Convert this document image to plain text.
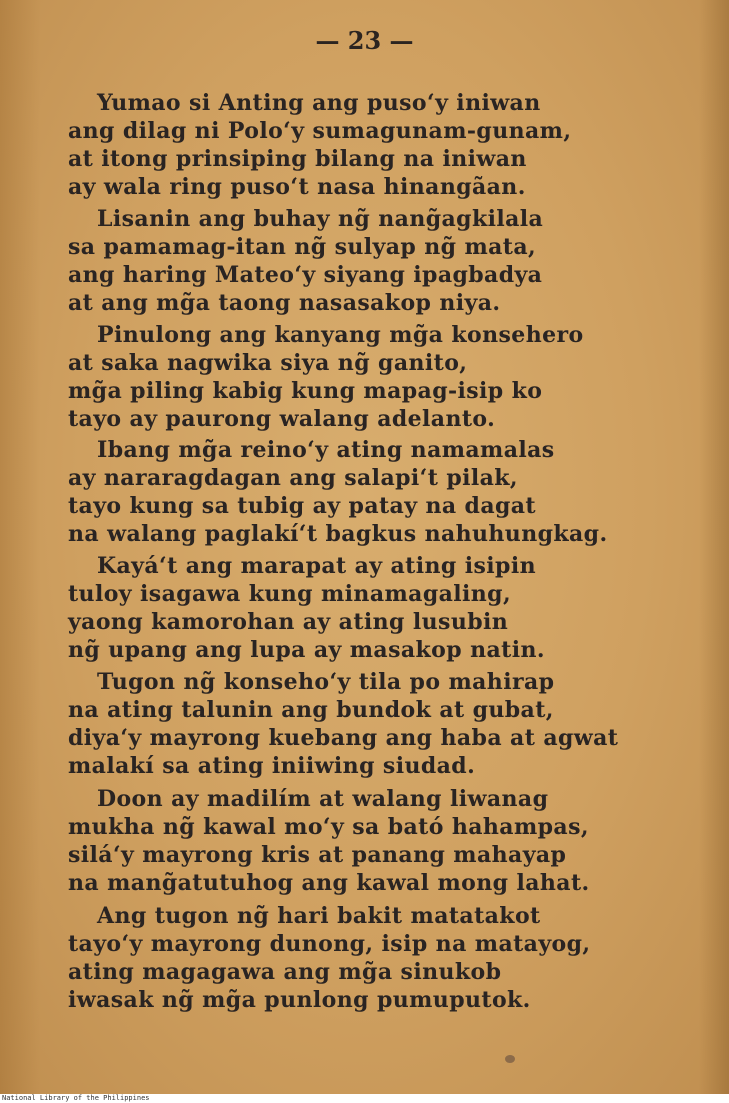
— 23 —
Yumao si Anting ang puso‘y iniwan
ang dilag ni Polo‘y sumagunam-gunam,
at itong prinsiping bilang na iniwan
ay wala ring puso‘t nasa hinangãan.
Lisanin ang buhay ng̃ nang̃agkilala
sa pamamag-itan ng̃ sulyap ng̃ mata,
ang haring Mateo‘y siyang ipagbadya
at ang mg̃a taong nasasakop niya.
Pinulong ang kanyang mg̃a konsehero
at saka nagwika siya ng̃ ganito,
mg̃a piling kabig kung mapag-isip ko
tayo ay paurong walang adelanto.
Ibang mg̃a reino‘y ating namamalas
ay nararagdagan ang salapi‘t pilak,
tayo kung sa tubig ay patay na dagat
na walang paglakí‘t bagkus nahuhungkag.
Kayá‘t ang marapat ay ating isipin
tuloy isagawa kung minamagaling,
yaong kamorohan ay ating lusubin
ng̃ upang ang lupa ay masakop natin.
Tugon ng̃ konseho‘y tila po mahirap
na ating talunin ang bundok at gubat,
diya‘y mayrong kuebang ang haba at agwat
malakí sa ating iniiwing siudad.
Doon ay madilím at walang liwanag
mukha ng̃ kawal mo‘y sa bató hahampas,
silá‘y mayrong kris at panang mahayap
na mang̃atutuhog ang kawal mong lahat.
Ang tugon ng̃ hari bakit matatakot
tayo‘y mayrong dunong, isip na matayog,
ating magagawa ang mg̃a sinukob
iwasak ng̃ mg̃a punlong pumuputok.
National Library of the Philippines
